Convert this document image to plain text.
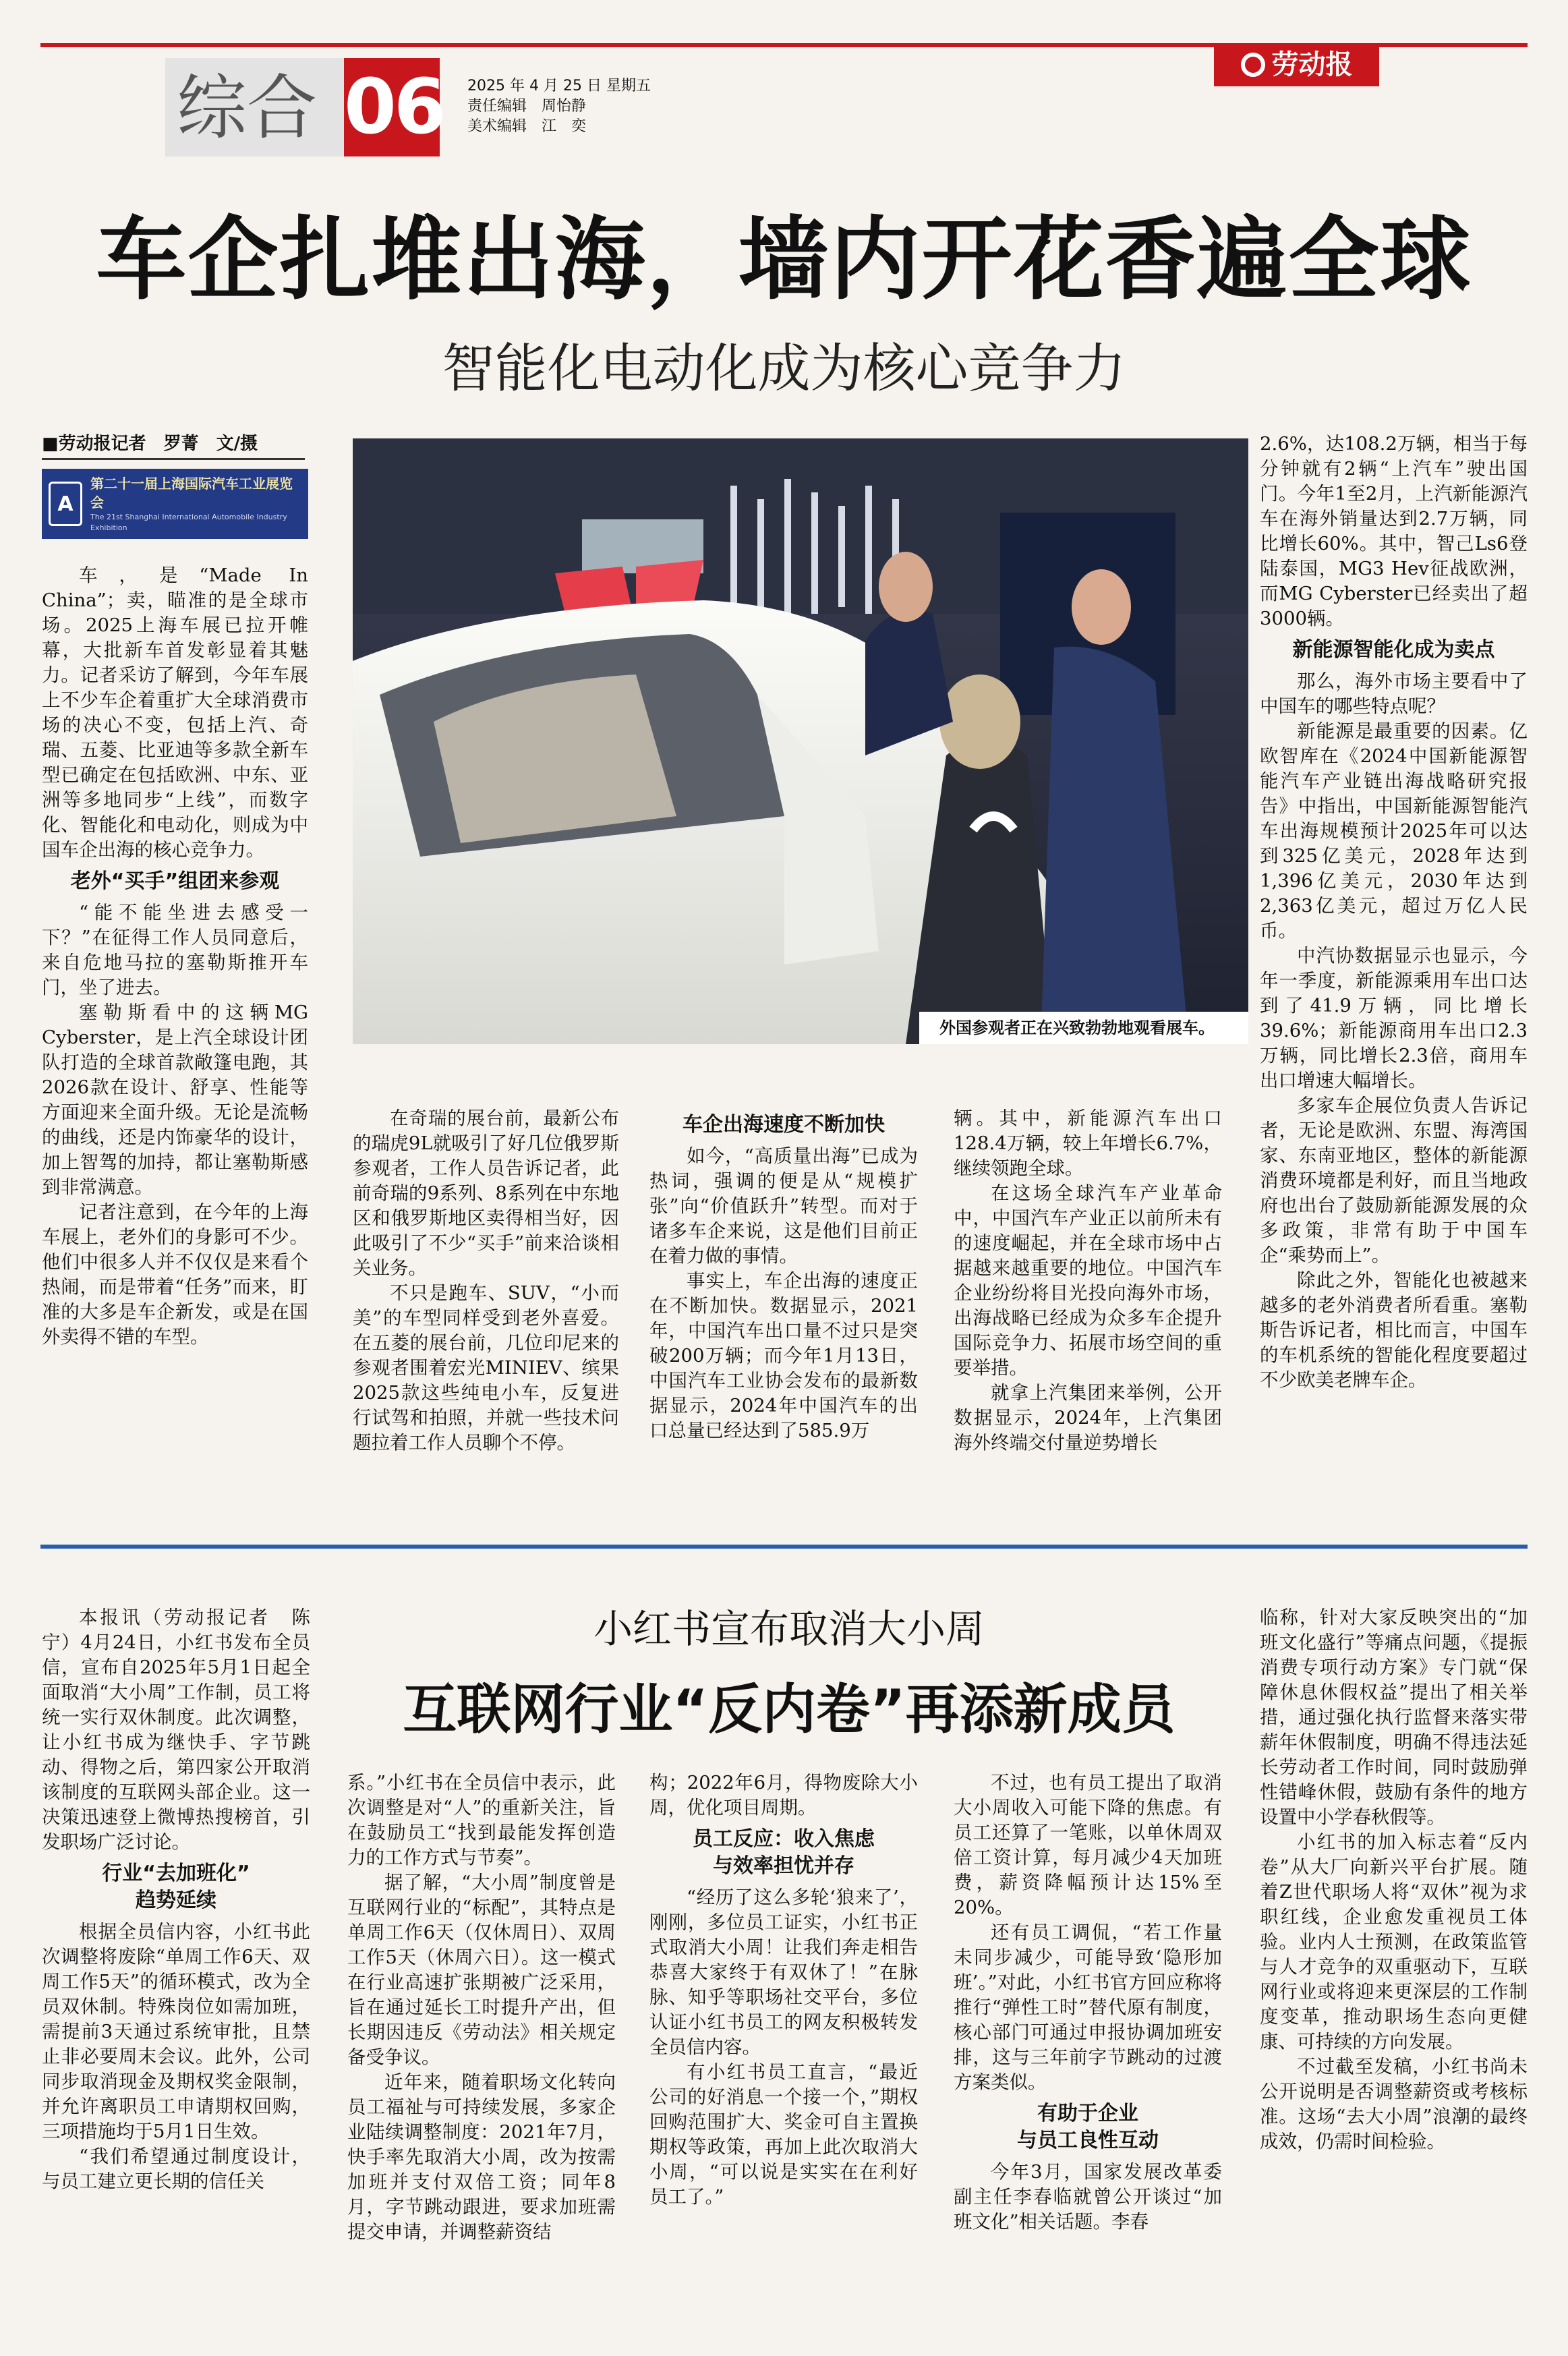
综合 06 2025 年 4 月 25 日 星期五
责任编辑　周怡静
美术编辑　江　奕
劳动报
车企扎堆出海，墙内开花香遍全球
智能化电动化成为核心竞争力
■劳动报记者　罗菁　文/摄
A
第二十一届上海国际汽车工业展览会
The 21st Shanghai International Automobile Industry Exhibition
外国参观者正在兴致勃勃地观看展车。

车，是“Made In China”；卖，瞄准的是全球市场。2025上海车展已拉开帷幕，大批新车首发彰显着其魅力。记者采访了解到，今年车展上不少车企着重扩大全球消费市场的决心不变，包括上汽、奇瑞、五菱、比亚迪等多款全新车型已确定在包括欧洲、中东、亚洲等多地同步“上线”，而数字化、智能化和电动化，则成为中国车企出海的核心竞争力。

老外“买手”组团来参观

“能不能坐进去感受一下？”在征得工作人员同意后，来自危地马拉的塞勒斯推开车门，坐了进去。

塞勒斯看中的这辆MG Cyberster，是上汽全球设计团队打造的全球首款敞篷电跑，其2026款在设计、舒享、性能等方面迎来全面升级。无论是流畅的曲线，还是内饰豪华的设计，加上智驾的加持，都让塞勒斯感到非常满意。

记者注意到，在今年的上海车展上，老外们的身影可不少。他们中很多人并不仅仅是来看个热闹，而是带着“任务”而来，盯准的大多是车企新发，或是在国外卖得不错的车型。

在奇瑞的展台前，最新公布的瑞虎9L就吸引了好几位俄罗斯参观者，工作人员告诉记者，此前奇瑞的9系列、8系列在中东地区和俄罗斯地区卖得相当好，因此吸引了不少“买手”前来洽谈相关业务。

不只是跑车、SUV，“小而美”的车型同样受到老外喜爱。在五菱的展台前，几位印尼来的参观者围着宏光MINIEV、缤果2025款这些纯电小车，反复进行试驾和拍照，并就一些技术问题拉着工作人员聊个不停。

车企出海速度不断加快

如今，“高质量出海”已成为热词，强调的便是从“规模扩张”向“价值跃升”转型。而对于诸多车企来说，这是他们目前正在着力做的事情。

事实上，车企出海的速度正在不断加快。数据显示，2021年，中国汽车出口量不过只是突破200万辆；而今年1月13日，中国汽车工业协会发布的最新数据显示，2024年中国汽车的出口总量已经达到了585.9万

辆。其中，新能源汽车出口128.4万辆，较上年增长6.7%，继续领跑全球。

在这场全球汽车产业革命中，中国汽车产业正以前所未有的速度崛起，并在全球市场中占据越来越重要的地位。中国汽车企业纷纷将目光投向海外市场，出海战略已经成为众多车企提升国际竞争力、拓展市场空间的重要举措。

就拿上汽集团来举例，公开数据显示，2024年，上汽集团海外终端交付量逆势增长

2.6%，达108.2万辆，相当于每分钟就有2辆“上汽车”驶出国门。今年1至2月，上汽新能源汽车在海外销量达到2.7万辆，同比增长60%。其中，智己Ls6登陆泰国，MG3 Hev征战欧洲，而MG Cyberster已经卖出了超3000辆。

新能源智能化成为卖点

那么，海外市场主要看中了中国车的哪些特点呢？

新能源是最重要的因素。亿欧智库在《2024中国新能源智能汽车产业链出海战略研究报告》中指出，中国新能源智能汽车出海规模预计2025年可以达到325亿美元，2028年达到1,396亿美元，2030年达到2,363亿美元，超过万亿人民币。

中汽协数据显示也显示，今年一季度，新能源乘用车出口达到了41.9万辆，同比增长39.6%；新能源商用车出口2.3万辆，同比增长2.3倍，商用车出口增速大幅增长。

多家车企展位负责人告诉记者，无论是欧洲、东盟、海湾国家、东南亚地区，整体的新能源消费环境都是利好，而且当地政府也出台了鼓励新能源发展的众多政策，非常有助于中国车企“乘势而上”。

除此之外，智能化也被越来越多的老外消费者所看重。塞勒斯告诉记者，相比而言，中国车的车机系统的智能化程度要超过不少欧美老牌车企。

小红书宣布取消大小周
互联网行业“反内卷”再添新成员

本报讯（劳动报记者　陈宁）4月24日，小红书发布全员信，宣布自2025年5月1日起全面取消“大小周”工作制，员工将统一实行双休制度。此次调整，让小红书成为继快手、字节跳动、得物之后，第四家公开取消该制度的互联网头部企业。这一决策迅速登上微博热搜榜首，引发职场广泛讨论。

行业“去加班化”
趋势延续

根据全员信内容，小红书此次调整将废除“单周工作6天、双周工作5天”的循环模式，改为全员双休制。特殊岗位如需加班，需提前3天通过系统审批，且禁止非必要周末会议。此外，公司同步取消现金及期权奖金限制，并允许离职员工申请期权回购，三项措施均于5月1日生效。

“我们希望通过制度设计，与员工建立更长期的信任关

系。”小红书在全员信中表示，此次调整是对“人”的重新关注，旨在鼓励员工“找到最能发挥创造力的工作方式与节奏”。

据了解，“大小周”制度曾是互联网行业的“标配”，其特点是单周工作6天（仅休周日）、双周工作5天（休周六日）。这一模式在行业高速扩张期被广泛采用，旨在通过延长工时提升产出，但长期因违反《劳动法》相关规定备受争议。

近年来，随着职场文化转向员工福祉与可持续发展，多家企业陆续调整制度：2021年7月，快手率先取消大小周，改为按需加班并支付双倍工资；同年8月，字节跳动跟进，要求加班需提交申请，并调整薪资结

构；2022年6月，得物废除大小周，优化项目周期。

员工反应：收入焦虑
与效率担忧并存

“经历了这么多轮‘狼来了’，刚刚，多位员工证实，小红书正式取消大小周！让我们奔走相告恭喜大家终于有双休了！”在脉脉、知乎等职场社交平台，多位认证小红书员工的网友积极转发全员信内容。

有小红书员工直言，“最近公司的好消息一个接一个，”期权回购范围扩大、奖金可自主置换期权等政策，再加上此次取消大小周，“可以说是实实在在利好员工了。”

不过，也有员工提出了取消大小周收入可能下降的焦虑。有员工还算了一笔账，以单休周双倍工资计算，每月减少4天加班费，薪资降幅预计达15%至20%。

还有员工调侃，“若工作量未同步减少，可能导致‘隐形加班’。”对此，小红书官方回应称将推行“弹性工时”替代原有制度，核心部门可通过申报协调加班安排，这与三年前字节跳动的过渡方案类似。

有助于企业
与员工良性互动

今年3月，国家发展改革委副主任李春临就曾公开谈过“加班文化”相关话题。李春

临称，针对大家反映突出的“加班文化盛行”等痛点问题，《提振消费专项行动方案》专门就“保障休息休假权益”提出了相关举措，通过强化执行监督来落实带薪年休假制度，明确不得违法延长劳动者工作时间，同时鼓励弹性错峰休假，鼓励有条件的地方设置中小学春秋假等。

小红书的加入标志着“反内卷”从大厂向新兴平台扩展。随着Z世代职场人将“双休”视为求职红线，企业愈发重视员工体验。业内人士预测，在政策监管与人才竞争的双重驱动下，互联网行业或将迎来更深层的工作制度变革，推动职场生态向更健康、可持续的方向发展。

不过截至发稿，小红书尚未公开说明是否调整薪资或考核标准。这场“去大小周”浪潮的最终成效，仍需时间检验。
